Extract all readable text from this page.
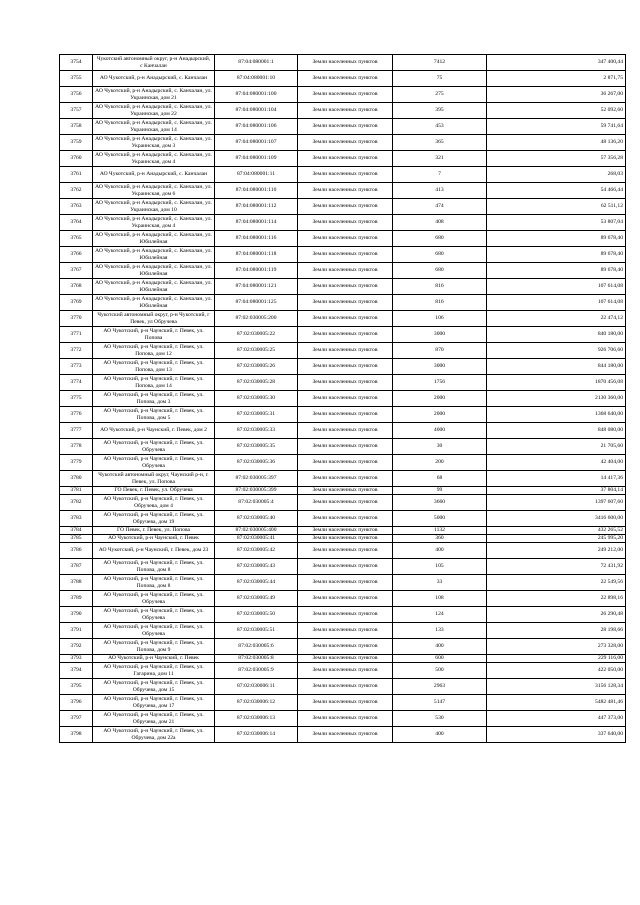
3754	Чукотский автономный округ, р-н Анадырский, с Канчалан	87:04:080001:1	Земли населенных пунктов	7412	347 400,44
3755	АО Чукотский, р-н Анадырский, с. Канчалан	87:04:080001:10	Земли населенных пунктов	75	2 871,75
3756	АО Чукотский, р-н Анадырский, с. Канчалан, ул. Украинская, дом 21	87:04:080001:100	Земли населенных пунктов	275	36 267,00
3757	АО Чукотский, р-н Анадырский, с. Канчалан, ул. Украинская, дом 22	87:04:080001:104	Земли населенных пунктов	395	52 092,60
3758	АО Чукотский, р-н Анадырский, с. Канчалан, ул. Украинская, дом 14	87:04:080001:106	Земли населенных пунктов	453	59 741,64
3759	АО Чукотский, р-н Анадырский, с. Канчалан, ул. Украинская, дом 3	87:04:080001:107	Земли населенных пунктов	365	48 136,20
3760	АО Чукотский, р-н Анадырский, с. Канчалан, ул. Украинская, дом 4	87:04:080001:109	Земли населенных пунктов	321	57 356,28
3761	АО Чукотский, р-н Анадырский, с. Канчалан	87:04:080001:11	Земли населенных пунктов	7	268,03
3762	АО Чукотский, р-н Анадырский, с. Канчалан, ул. Украинская, дом 6	87:04:080001:110	Земли населенных пунктов	413	54 466,44
3763	АО Чукотский, р-н Анадырский, с. Канчалан, ул. Украинская, дом 10	87:04:080001:112	Земли населенных пунктов	474	62 511,12
3764	АО Чукотский, р-н Анадырский, с. Канчалан, ул. Украинская, дом 4	87:04:080001:114	Земли населенных пунктов	408	53 807,04
3765	АО Чукотский, р-н Анадырский, с. Канчалан, ул. Юбилейная	87:04:080001:116	Земли населенных пунктов	680	89 678,40
3766	АО Чукотский, р-н Анадырский, с. Канчалан, ул. Юбилейная	87:04:080001:118	Земли населенных пунктов	680	89 678,40
3767	АО Чукотский, р-н Анадырский, с. Канчалан, ул. Юбилейная	87:04:080001:119	Земли населенных пунктов	680	89 678,40
3768	АО Чукотский, р-н Анадырский, с. Канчалан, ул. Юбилейная	87:04:080001:121	Земли населенных пунктов	816	107 614,08
3769	АО Чукотский, р-н Анадырский, с. Канчалан, ул. Юбилейная	87:04:080001:125	Земли населенных пунктов	816	107 614,08
3770	Чукотский автономный округ, р-н Чукотский, г Певек, ул Обручева	87:02:030005:200	Земли населенных пунктов	106	22 474,12
3771	АО Чукотский, р-н Чаунский, г. Певек, ул. Попова	87:02:030005:22	Земли населенных пунктов	3000	840 180,00
3772	АО Чукотский, р-н Чаунский, г. Певек, ул. Попова, дом 12	87:02:030005:25	Земли населенных пунктов	870	926 706,60
3773	АО Чукотский, р-н Чаунский, г. Певек, ул. Попова, дом 13	87:02:030005:26	Земли населенных пунктов	3000	844 180,00
3774	АО Чукотский, р-н Чаунский, г. Певек, ул. Попова, дом 14	87:02:030005:28	Земли населенных пунктов	1756	1870 456,08
3775	АО Чукотский, р-н Чаунский, г. Певек, ул. Попова, дом 3	87:02:030005:30	Земли населенных пунктов	2000	2130 360,00
3776	АО Чукотский, р-н Чаунский, г. Певек, ул. Попова, дом 5	87:02:030005:31	Земли населенных пунктов	2000	1368 640,00
3777	АО Чукотский, р-н Чаунский, г. Певек, дом 2	87:02:030005:33	Земли населенных пунктов	4000	848 080,00
3778	АО Чукотский, р-н Чаунский, г. Певек, ул. Обручева	87:02:030005:35	Земли населенных пунктов	30	21 705,60
3779	АО Чукотский, р-н Чаунский, г. Певек, ул. Обручева	87:02:030005:36	Земли населенных пунктов	200	42 404,00
3780	Чукотский автономный округ, Чаунский р-н, г. Певек, ул. Попова	87:02:030005:397	Земли населенных пунктов	68	14 417,36
3781	ГО Певек, г. Певек, ул. Обручева	87:02:030005:399	Земли населенных пунктов	99	37 804,14
3782	АО Чукотский, р-н Чаунский, г. Певек, ул. Обручева, дом 4	87:02:030005:4	Земли населенных пунктов	3660	1397 607,60
3783	АО Чукотский, р-н Чаунский, г. Певек, ул. Обручева, дом 19	87:02:030005:40	Земли населенных пунктов	5000	3416 600,00
3784	ГО Певек, г. Певек, ул. Попова	87:02:030005:400	Земли населенных пунктов	1132	432 265,52
3785	АО Чукотский, р-н Чаунский, г. Певек	87:02:030005:41	Земли населенных пунктов	360	245 995,20
3786	АО Чукотский, р-н Чаунский, г. Певек, дом 23	87:02:030005:42	Земли населенных пунктов	400	249 212,00
3787	АО Чукотский, р-н Чаунский, г. Певек, ул. Попова, дом 8	87:02:030005:43	Земли населенных пунктов	105	72 431,92
3788	АО Чукотский, р-н Чаунский, г. Певек, ул. Попова, дом 8	87:02:030005:44	Земли населенных пунктов	33	22 549,56
3789	АО Чукотский, р-н Чаунский, г. Певек, ул. Обручева	87:02:030005:49	Земли населенных пунктов	108	22 898,16
3790	АО Чукотский, р-н Чаунский, г. Певек, ул. Обручева	87:02:030005:50	Земли населенных пунктов	124	26 290,48
3791	АО Чукотский, р-н Чаунский, г. Певек, ул. Обручева	87:02:030005:51	Земли населенных пунктов	133	28 198,66
3792	АО Чукотский, р-н Чаунский, г. Певек, ул. Попова, дом 9	87:02:030005:6	Земли населенных пунктов	400	273 328,00
3793	АО Чукотский, р-н Чаунский, г. Певек	87:02:030005:8	Земли населенных пунктов	600	229 116,00
3794	АО Чукотский, р-н Чаунский, г. Певек, ул. Гагарина, дом 11	87:02:030005:9	Земли населенных пунктов	500	422 050,00
3795	АО Чукотский, р-н Чаунский, г. Певек, ул. Обручева, дом 15	87:02:030006:11	Земли населенных пунктов	2963	3156 128,34
3796	АО Чукотский, р-н Чаунский, г. Певек, ул. Обручева, дом 17	87:02:030006:12	Земли населенных пунктов	5147	5482 481,46
3797	АО Чукотский, р-н Чаунский, г. Певек, ул. Обручева, дом 21	87:02:030006:13	Земли населенных пунктов	530	447 373,00
3798	АО Чукотский, р-н Чаунский, г. Певек, ул. Обручева, дом 22а	87:02:030006:14	Земли населенных пунктов	400	337 640,00
